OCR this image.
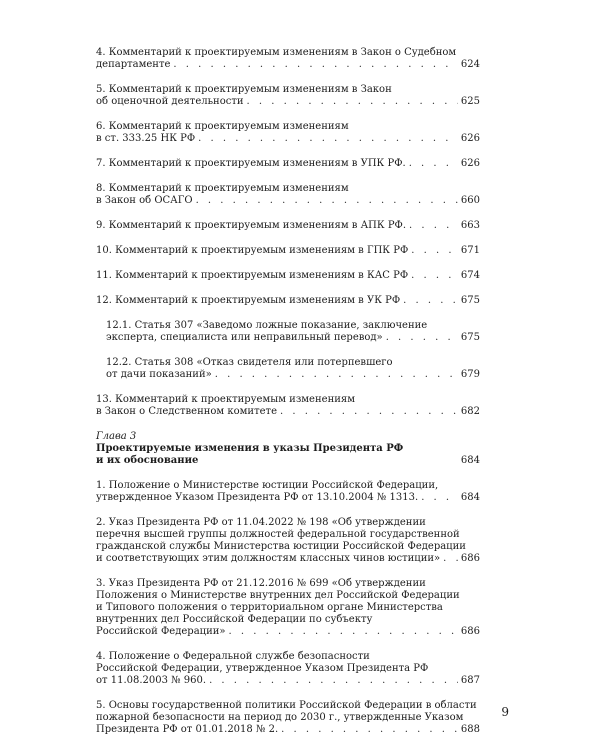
4. Комментарий к проектируемым изменениям в Закон о Судебном
департаменте . . .	624
5. Комментарий к проектируемым изменениям в Закон
об оценочной деятельности . . .	625
6. Комментарий к проектируемым изменениям
в ст. 333.25 НК РФ . . .	626
7. Комментарий к проектируемым изменениям в УПК РФ. . . .	626
8. Комментарий к проектируемым изменениям
в Закон об ОСАГО . . .	660
9. Комментарий к проектируемым изменениям в АПК РФ. . . .	663
10. Комментарий к проектируемым изменениям в ГПК РФ . . .	671
11. Комментарий к проектируемым изменениям в КАС РФ . . .	674
12. Комментарий к проектируемым изменениям в УК РФ . . .	675
12.1. Статья 307 «Заведомо ложные показание, заключение
эксперта, специалиста или неправильный перевод» . . .	675
12.2. Статья 308 «Отказ свидетеля или потерпевшего
от дачи показаний» . . .	679
13. Комментарий к проектируемым изменениям
в Закон о Следственном комитете . . .	682
Глава 3
Проектируемые изменения в указы Президента РФ
и их обоснование	684
1. Положение о Министерстве юстиции Российской Федерации,
утвержденное Указом Президента РФ от 13.10.2004 № 1313. . . .	684
2. Указ Президента РФ от 11.04.2022 № 198 «Об утверждении
перечня высшей группы должностей федеральной государственной
гражданской службы Министерства юстиции Российской Федерации
и соответствующих этим должностям классных чинов юстиции» . . . 686
3. Указ Президента РФ от 21.12.2016 № 699 «Об утверждении
Положения о Министерстве внутренних дел Российской Федерации
и Типового положения о территориальном органе Министерства
внутренних дел Российской Федерации по субъекту
Российской Федерации» . . .	686
4. Положение о Федеральной службе безопасности
Российской Федерации, утвержденное Указом Президента РФ
от 11.08.2003 № 960. . . .	687
5. Основы государственной политики Российской Федерации в области
пожарной безопасности на период до 2030 г., утвержденные Указом
Президента РФ от 01.01.2018 № 2. . . .	688
9
